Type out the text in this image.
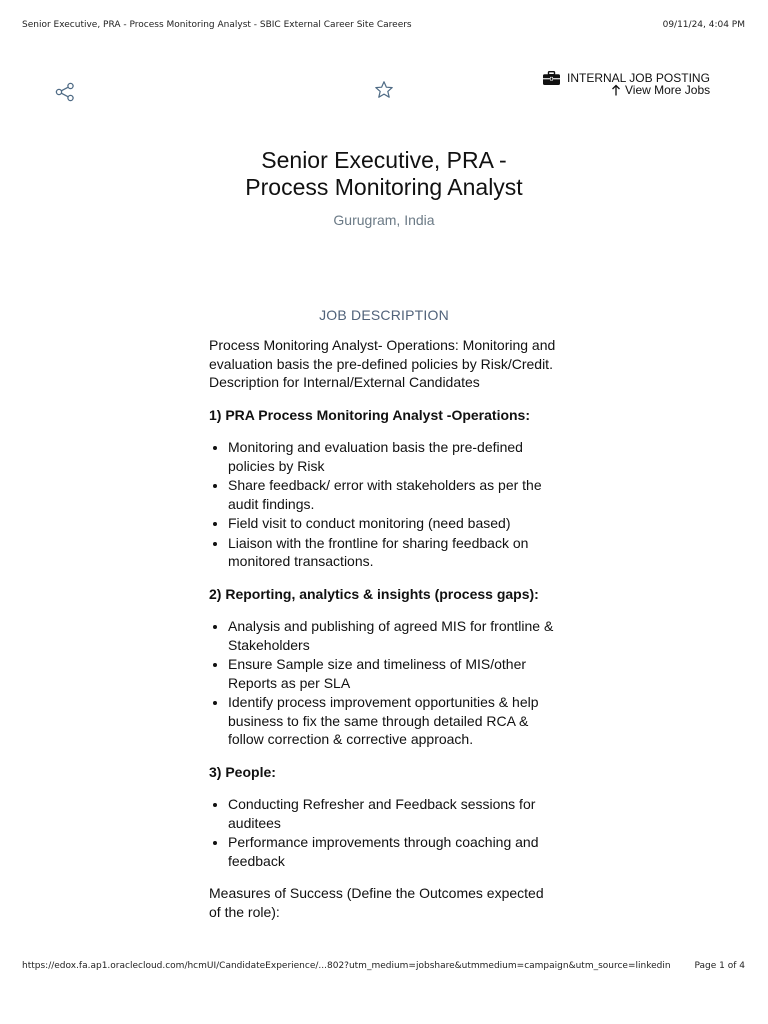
Senior Executive, PRA - Process Monitoring Analyst - SBIC External Career Site Careers	09/11/24, 4:04 PM
INTERNAL JOB POSTING
View More Jobs
Senior Executive, PRA -
Process Monitoring Analyst
Gurugram, India
JOB DESCRIPTION

Process Monitoring Analyst- Operations: Monitoring and evaluation basis the pre-defined policies by Risk/Credit.

Description for Internal/External Candidates

1) PRA Process Monitoring Analyst -Operations:
• Monitoring and evaluation basis the pre-defined policies by Risk
• Share feedback/ error with stakeholders as per the audit findings.
• Field visit to conduct monitoring (need based)
• Liaison with the frontline for sharing feedback on monitored transactions.
2) Reporting, analytics & insights (process gaps):
• Analysis and publishing of agreed MIS for frontline & Stakeholders
• Ensure Sample size and timeliness of MIS/other Reports as per SLA
• Identify process improvement opportunities & help business to fix the same through detailed RCA & follow correction & corrective approach.
3) People:
• Conducting Refresher and Feedback sessions for auditees
• Performance improvements through coaching and feedback

Measures of Success (Define the Outcomes expected of the role):

https://edox.fa.ap1.oraclecloud.com/hcmUI/CandidateExperience/...802?utm_medium=jobshare&utmmedium=campaign&utm_source=linkedin	Page 1 of 4
